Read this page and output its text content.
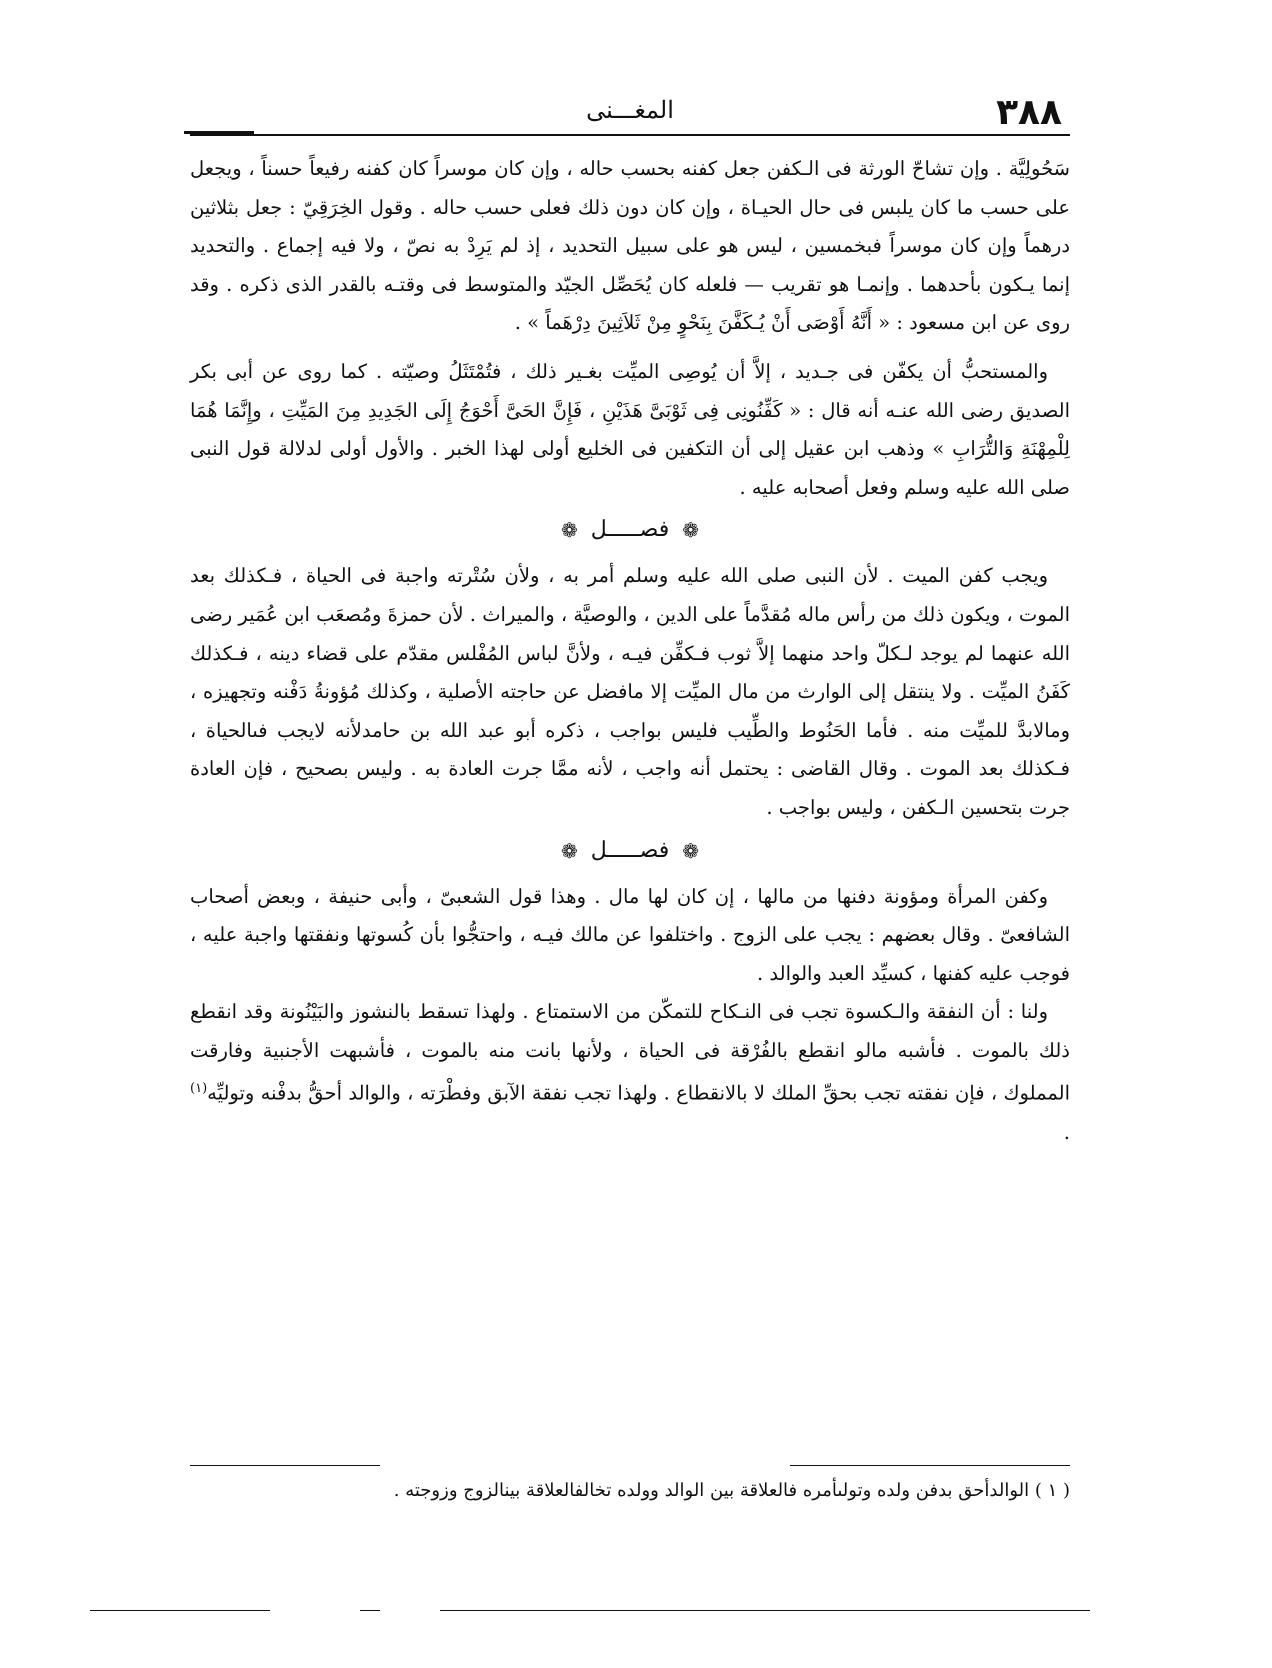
٣٨٨
المغـــنى

سَحُولِيَّة . وإن تشاحّ الورثة فى الـكفن جعل كفنه بحسب حاله ، وإن كان موسراً كان كفنه رفيعاً حسناً ، ويجعل على حسب ما كان يلبس فى حال الحيـاة ، وإن كان دون ذلك فعلى حسب حاله . وقول الخِرَقِيّ : جعل بثلاثين درهماً وإن كان موسراً فبخمسين ، ليس هو على سبيل التحديد ، إذ لم يَرِدْ به نصّ ، ولا فيه إجماع . والتحديد إنما يـكون بأحدهما . وإنمـا هو تقريب — فلعله كان يُحَصِّل الجيّد والمتوسط فى وقتـه بالقدر الذى ذكره . وقد روى عن ابن مسعود : « أَنَّهُ أَوْصَى أَنْ يُـكَفَّنَ بِنَحْوٍ مِنْ ثَلاَثِينَ دِرْهَماً » .

والمستحبُّ أن يكفّن فى جـديد ، إلاَّ أن يُوصِى الميِّت بغـير ذلك ، فتُمْتَثَلُ وصيّته . كما روى عن أبى بكر الصديق رضى الله عنـه أنه قال : « كَفِّنُونِى فِى ثَوْبَىَّ هَذَيْنِ ، فَإِنَّ الحَىَّ أَحْوَجُ إِلَى الجَدِيدِ مِنَ المَيِّتِ ، وإِنَّمَا هُمَا لِلْمِهْنَةِ وَالتُّرَابِ » وذهب ابن عقيل إلى أن التكفين فى الخليع أولى لهذا الخبر . والأول أولى لدلالة قول النبى صلى الله عليه وسلم وفعل أصحابه عليه .

❁ فصـــــل ❁

ويجب كفن الميت . لأن النبى صلى الله عليه وسلم أمر به ، ولأن سُتْرته واجبة فى الحياة ، فـكذلك بعد الموت ، ويكون ذلك من رأس ماله مُقدَّماً على الدين ، والوصيَّة ، والميراث . لأن حمزةَ ومُصعَب ابن عُمَير رضى الله عنهما لم يوجد لـكلّ واحد منهما إلاَّ ثوب فـكفِّن فيـه ، ولأنَّ لباس المُفْلس مقدّم على قضاء دينه ، فـكذلك كَفَنُ الميِّت . ولا ينتقل إلى الوارث من مال الميِّت إلا مافضل عن حاجته الأصلية ، وكذلك مُؤونةُ دَفْنه وتجهيزه ، ومالابدَّ للميِّت منه . فأما الحَنُوط والطِّيب فليس بواجب ، ذكره أبو عبد الله بن حامدلأنه لايجب فىالحياة ، فـكذلك بعد الموت . وقال القاضى : يحتمل أنه واجب ، لأنه ممَّا جرت العادة به . وليس بصحيح ، فإن العادة جرت بتحسين الـكفن ، وليس بواجب .

❁ فصـــــل ❁

وكفن المرأة ومؤونة دفنها من مالها ، إن كان لها مال . وهذا قول الشعبىّ ، وأبى حنيفة ، وبعض أصحاب الشافعىّ . وقال بعضهم : يجب على الزوج . واختلفوا عن مالك فيـه ، واحتجُّوا بأن كُسوتها ونفقتها واجبة عليه ، فوجب عليه كفنها ، كسيِّد العبد والوالد .

ولنا : أن النفقة والـكسوة تجب فى النـكاح للتمكّن من الاستمتاع . ولهذا تسقط بالنشوز والبَيْنُونة وقد انقطع ذلك بالموت . فأشبه مالو انقطع بالفُرْقة فى الحياة ، ولأنها بانت منه بالموت ، فأشبهت الأجنبية وفارقت المملوك ، فإن نفقته تجب بحقِّ الملك لا بالانقطاع . ولهذا تجب نفقة الآبق وفطْرَته ، والوالد أحقُّ بدفْنه وتوليِّه$^{(١)}$ .

( ١ ) الوالدأحق بدفن ولده وتولىأمره فالعلاقة بين الوالد وولده تخالفالعلاقة بينالزوج وزوجته .
